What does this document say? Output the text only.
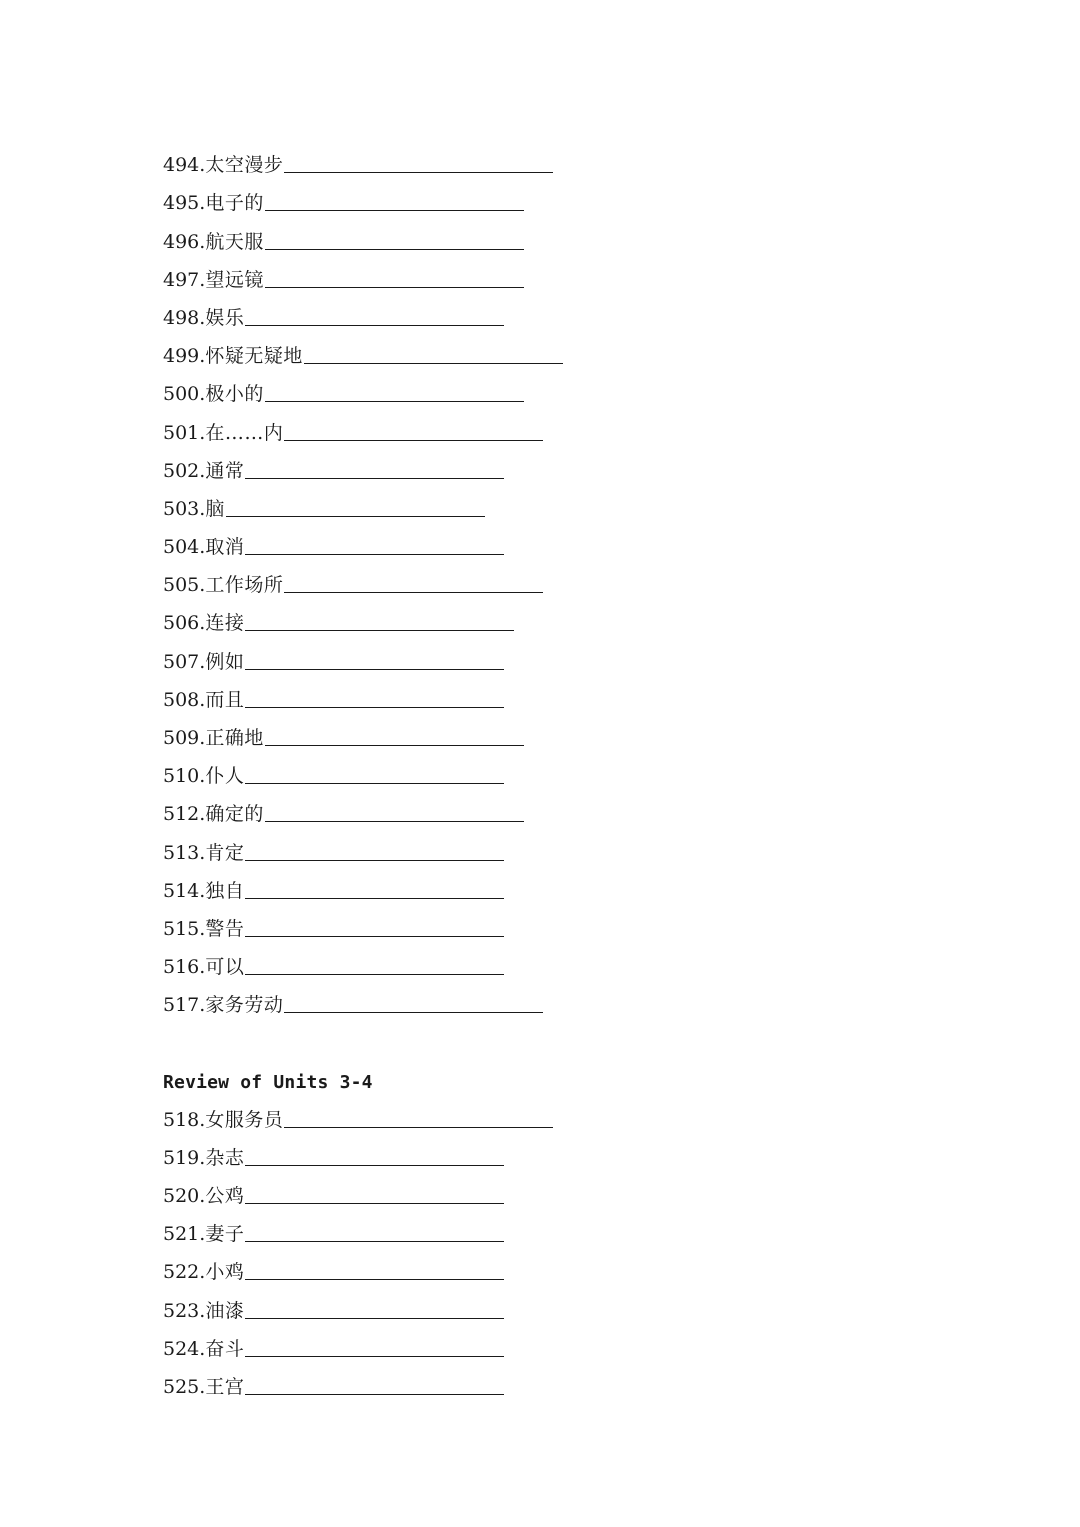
494. 太空漫步
495. 电子的
496. 航天服
497. 望远镜
498. 娱乐
499. 怀疑无疑地
500. 极小的
501. 在……内
502. 通常
503. 脑
504. 取消
505. 工作场所
506. 连接
507. 例如
508. 而且
509. 正确地
510. 仆人
512. 确定的
513. 肯定
514. 独自
515. 警告
516. 可以
517. 家务劳动
Review of Units 3-4
518. 女服务员
519. 杂志
520. 公鸡
521. 妻子
522. 小鸡
523. 油漆
524. 奋斗
525. 王宫
